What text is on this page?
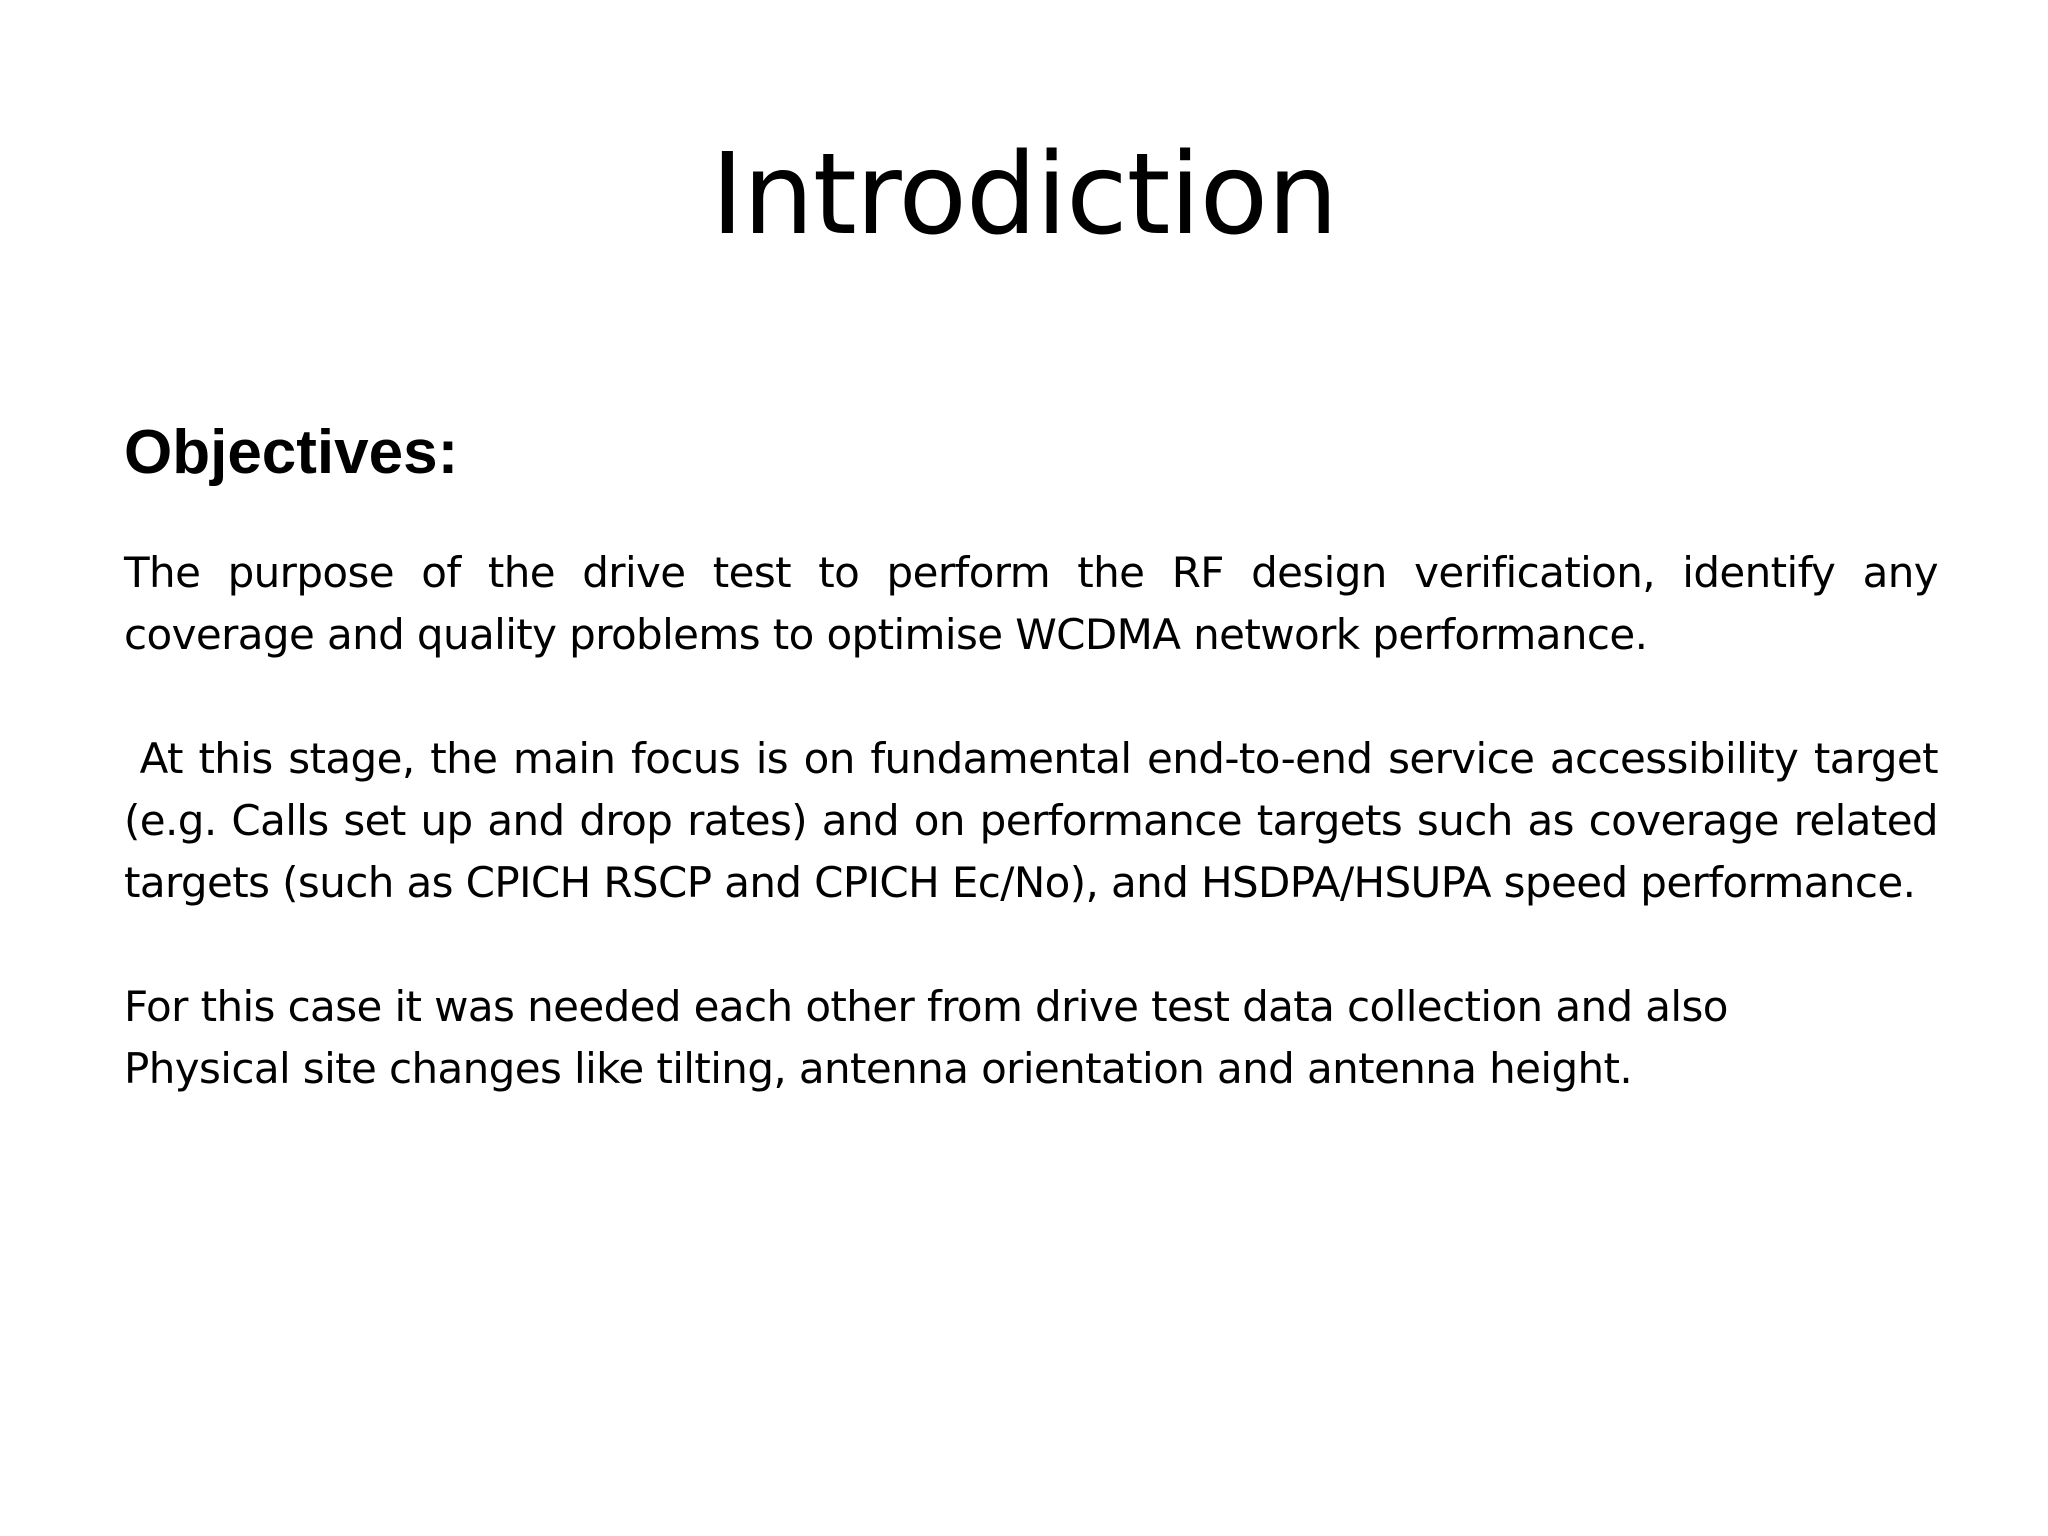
Introdiction
Objectives:

The purpose of the drive test to perform the RF design verification, identify any coverage and quality problems to optimise WCDMA network performance.

At this stage, the main focus is on fundamental end-to-end service accessibility target (e.g. Calls set up and drop rates) and on performance targets such as coverage related targets (such as CPICH RSCP and CPICH Ec/No), and HSDPA/HSUPA speed performance.

For this case it was needed each other from drive test data collection and also
Physical site changes like tilting, antenna orientation and antenna height.
